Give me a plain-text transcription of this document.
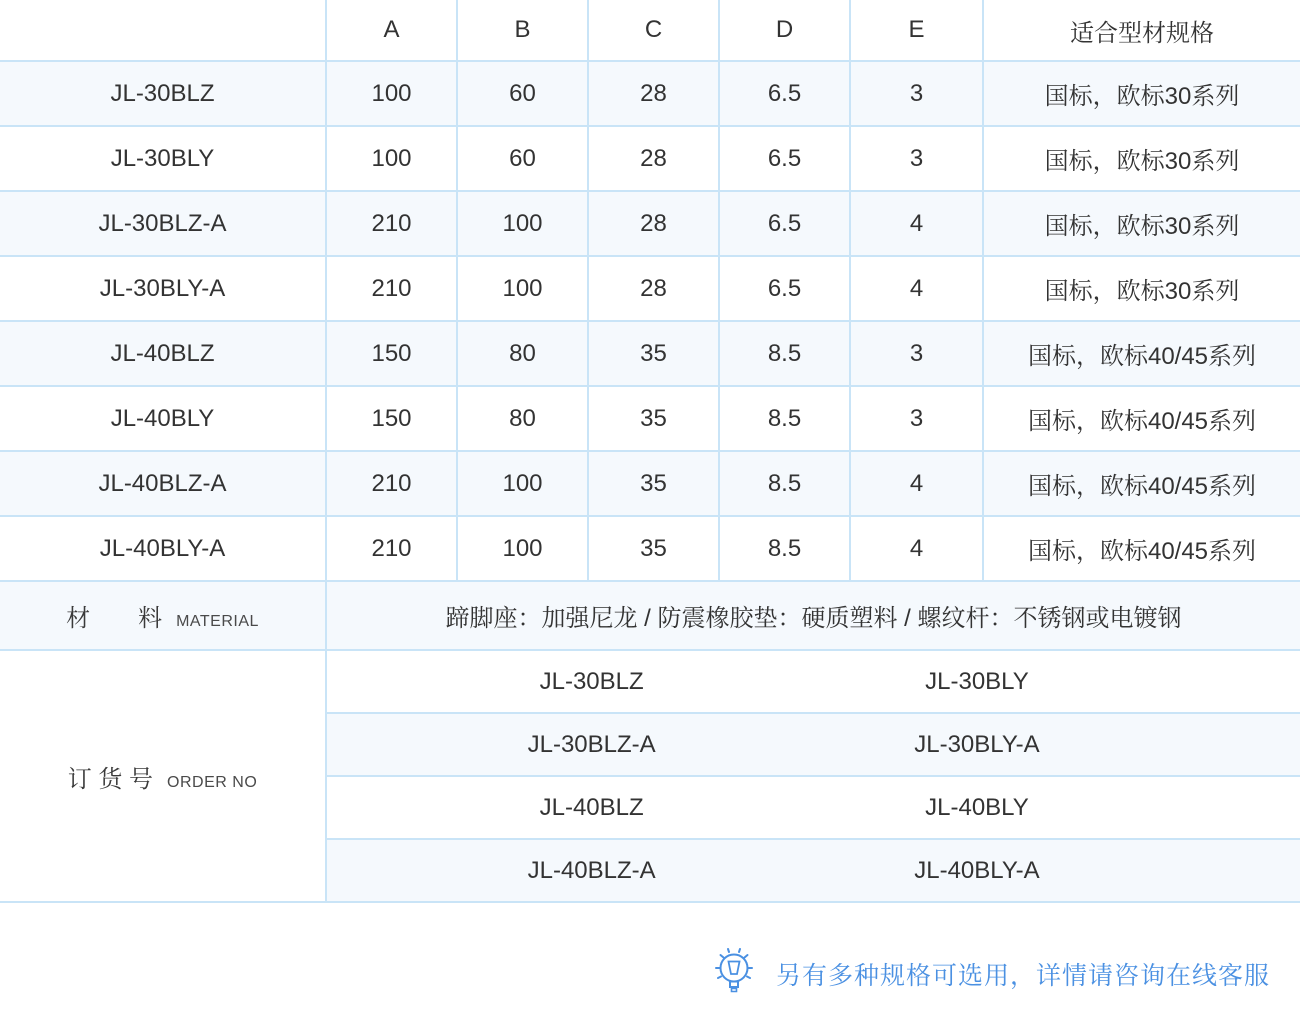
	A	B	C	D	E	适合型材规格
JL-30BLZ	100	60	28	6.5	3	国标，欧标30系列
JL-30BLY	100	60	28	6.5	3	国标，欧标30系列
JL-30BLZ-A	210	100	28	6.5	4	国标，欧标30系列
JL-30BLY-A	210	100	28	6.5	4	国标，欧标30系列
JL-40BLZ	150	80	35	8.5	3	国标，欧标40/45系列
JL-40BLY	150	80	35	8.5	3	国标，欧标40/45系列
JL-40BLZ-A	210	100	35	8.5	4	国标，欧标40/45系列
JL-40BLY-A	210	100	35	8.5	4	国标，欧标40/45系列
材 料 MATERIAL	蹄脚座：加强尼龙 / 防震橡胶垫：硬质塑料 / 螺纹杆：不锈钢或电镀钢					
订 货 号 ORDER NO	JL-30BLZ JL-30BLY					

	JL-30BLZ-A JL-30BLY-A					

	JL-40BLZ JL-40BLY					

	JL-40BLZ-A JL-40BLY-A					
另有多种规格可选用，详情请咨询在线客服
